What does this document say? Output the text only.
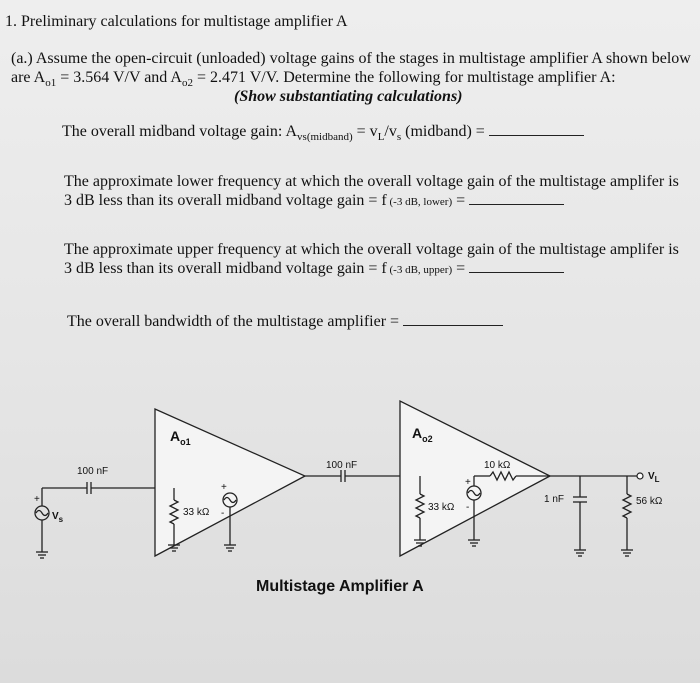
1. Preliminary calculations for multistage amplifier A
(a.) Assume the open-circuit (unloaded) voltage gains of the stages in multistage amplifier A shown below
are $A_{o1} = 3.564$ V/V and $A_{o2} = 2.471$ V/V. Determine the following for multistage amplifier A:
(Show substantiating calculations)
The overall midband voltage gain: $A_{vs(midband)} = v_L/v_s$ (midband) =
The approximate lower frequency at which the overall voltage gain of the multistage amplifer is
3 dB less than its overall midband voltage gain = f (-3 dB, lower) =
The approximate upper frequency at which the overall voltage gain of the multistage amplifer is
3 dB less than its overall midband voltage gain = f (-3 dB, upper) =
The overall bandwidth of the multistage amplifier =
$A_{o1}$
$A_{o2}$
100 nF
100 nF
33 kΩ	33 kΩ
10 kΩ
1 nF	56 kΩ
$V_s$
$V_L$
+
+
-
+
-
Multistage Amplifier A
